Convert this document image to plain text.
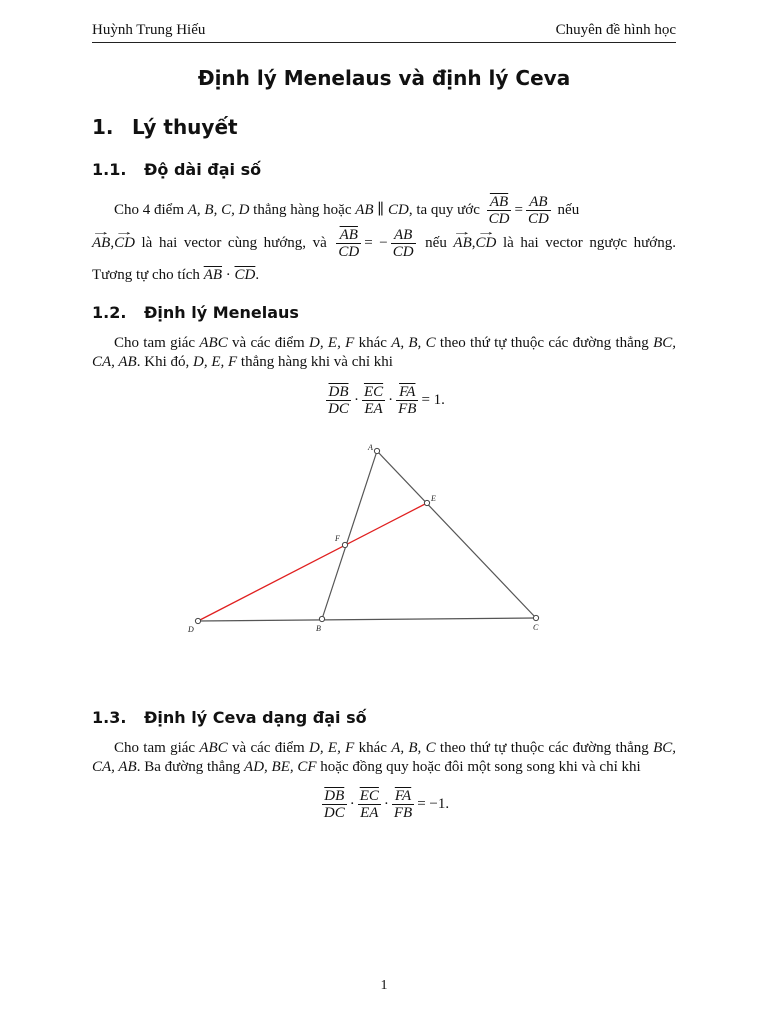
Huỳnh Trung Hiếu	Chuyên đề hình học
Định lý Menelaus và định lý Ceva
1. Lý thuyết
1.1. Độ dài đại số
Cho 4 điểm A, B, C, D thẳng hàng hoặc AB ∥ CD, ta quy ước $\frac{\overline{AB}}{CD} = \frac{AB}{CD}$ nếu
→ AB,→ CD là hai vector cùng hướng, và $\frac{\overline{AB}}{CD}$ = − $\frac{AB}{CD}$ nếu → AB,→ CD là hai vector ngược hướng. Tương tự cho tích $\overline{AB} \cdot \overline{CD}$.
1.2. Định lý Menelaus
Cho tam giác ABC và các điểm D, E, F khác A, B, C theo thứ tự thuộc các đường thẳng BC, CA, AB. Khi đó, D, E, F thẳng hàng khi và chỉ khi
$\frac{\overline{DB}}{DC} \cdot \frac{\overline{EC}}{EA} \cdot \frac{\overline{FA}}{FB} = 1$.
A
B	C
D
E
F
1.3. Định lý Ceva dạng đại số
Cho tam giác ABC và các điểm D, E, F khác A, B, C theo thứ tự thuộc các đường thẳng BC, CA, AB. Ba đường thẳng AD, BE, CF hoặc đồng quy hoặc đôi một song song khi và chỉ khi
$\frac{\overline{DB}}{DC} \cdot \frac{\overline{EC}}{EA} \cdot \frac{\overline{FA}}{FB} = -1$.
1
